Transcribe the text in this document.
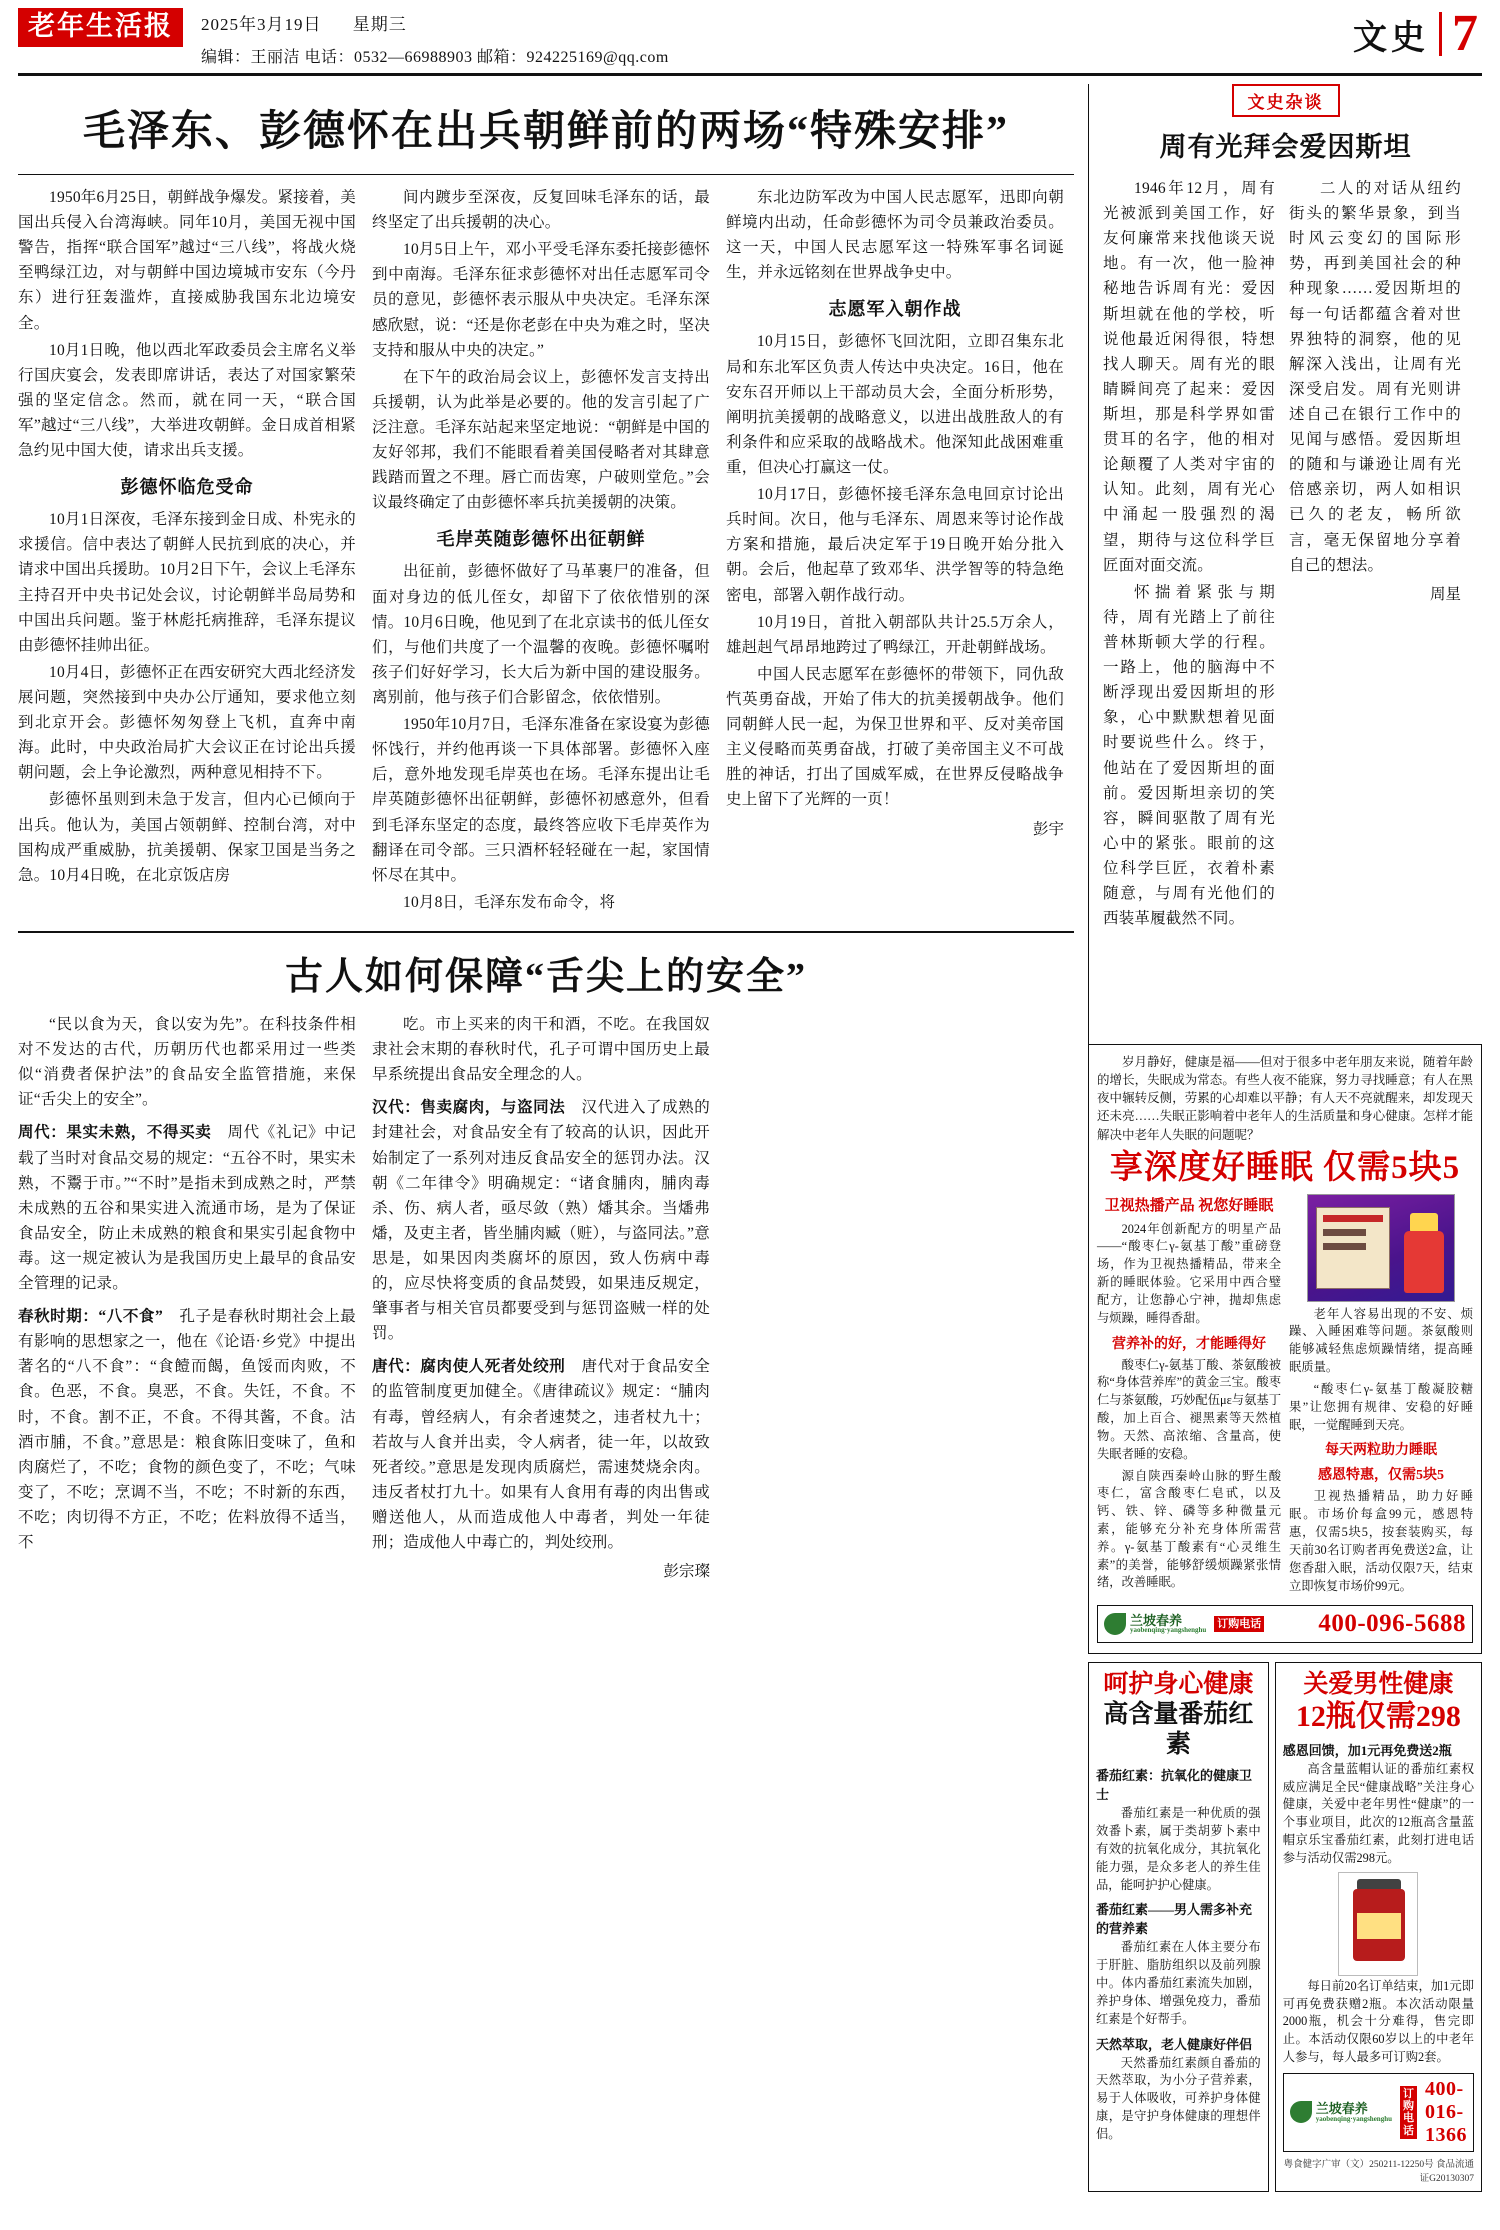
老年生活报	2025年3月19日 星期三
编辑：王丽洁 电话：0532—66988903 邮箱：924225169@qq.com
文史 7
毛泽东、彭德怀在出兵朝鲜前的两场“特殊安排”

1950年6月25日，朝鲜战争爆发。紧接着，美国出兵侵入台湾海峡。同年10月，美国无视中国警告，指挥“联合国军”越过“三八线”，将战火烧至鸭绿江边，对与朝鲜中国边境城市安东（今丹东）进行狂轰滥炸，直接威胁我国东北边境安全。

10月1日晚，他以西北军政委员会主席名义举行国庆宴会，发表即席讲话，表达了对国家繁荣强的坚定信念。然而，就在同一天，“联合国军”越过“三八线”，大举进攻朝鲜。金日成首相紧急约见中国大使，请求出兵支援。

彭德怀临危受命

10月1日深夜，毛泽东接到金日成、朴宪永的求援信。信中表达了朝鲜人民抗到底的决心，并请求中国出兵援助。10月2日下午，会议上毛泽东主持召开中央书记处会议，讨论朝鲜半岛局势和中国出兵问题。鉴于林彪托病推辞，毛泽东提议由彭德怀挂帅出征。

10月4日，彭德怀正在西安研究大西北经济发展问题，突然接到中央办公厅通知，要求他立刻到北京开会。彭德怀匆匆登上飞机，直奔中南海。此时，中央政治局扩大会议正在讨论出兵援朝问题，会上争论激烈，两种意见相持不下。

彭德怀虽则到未急于发言，但内心已倾向于出兵。他认为，美国占领朝鲜、控制台湾，对中国构成严重威胁，抗美援朝、保家卫国是当务之急。10月4日晚，在北京饭店房

间内踱步至深夜，反复回味毛泽东的话，最终坚定了出兵援朝的决心。

10月5日上午，邓小平受毛泽东委托接彭德怀到中南海。毛泽东征求彭德怀对出任志愿军司令员的意见，彭德怀表示服从中央决定。毛泽东深感欣慰，说：“还是你老彭在中央为难之时，坚决支持和服从中央的决定。”

在下午的政治局会议上，彭德怀发言支持出兵援朝，认为此举是必要的。他的发言引起了广泛注意。毛泽东站起来坚定地说：“朝鲜是中国的友好邻邦，我们不能眼看着美国侵略者对其肆意践踏而置之不理。唇亡而齿寒，户破则堂危。”会议最终确定了由彭德怀率兵抗美援朝的决策。

毛岸英随彭德怀出征朝鲜

出征前，彭德怀做好了马革裹尸的准备，但面对身边的低儿侄女，却留下了依依惜别的深情。10月6日晚，他见到了在北京读书的低儿侄女们，与他们共度了一个温馨的夜晚。彭德怀嘱咐孩子们好好学习，长大后为新中国的建设服务。离别前，他与孩子们合影留念，依依惜别。

1950年10月7日，毛泽东准备在家设宴为彭德怀饯行，并约他再谈一下具体部署。彭德怀入座后，意外地发现毛岸英也在场。毛泽东提出让毛岸英随彭德怀出征朝鲜，彭德怀初感意外，但看到毛泽东坚定的态度，最终答应收下毛岸英作为翻译在司令部。三只酒杯轻轻碰在一起，家国情怀尽在其中。

10月8日，毛泽东发布命令，将

东北边防军改为中国人民志愿军，迅即向朝鲜境内出动，任命彭德怀为司令员兼政治委员。这一天，中国人民志愿军这一特殊军事名词诞生，并永远铭刻在世界战争史中。

志愿军入朝作战

10月15日，彭德怀飞回沈阳，立即召集东北局和东北军区负责人传达中央决定。16日，他在安东召开师以上干部动员大会，全面分析形势，阐明抗美援朝的战略意义，以进出战胜敌人的有利条件和应采取的战略战术。他深知此战困难重重，但决心打赢这一仗。

10月17日，彭德怀接毛泽东急电回京讨论出兵时间。次日，他与毛泽东、周恩来等讨论作战方案和措施，最后决定军于19日晚开始分批入朝。会后，他起草了致邓华、洪学智等的特急绝密电，部署入朝作战行动。

10月19日，首批入朝部队共计25.5万余人，雄赳赳气昂昂地跨过了鸭绿江，开赴朝鲜战场。

中国人民志愿军在彭德怀的带领下，同仇敌忾英勇奋战，开始了伟大的抗美援朝战争。他们同朝鲜人民一起，为保卫世界和平、反对美帝国主义侵略而英勇奋战，打破了美帝国主义不可战胜的神话，打出了国威军威，在世界反侵略战争史上留下了光辉的一页！

彭宇
古人如何保障“舌尖上的安全”

“民以食为天，食以安为先”。在科技条件相对不发达的古代，历朝历代也都采用过一些类似“消费者保护法”的食品安全监管措施，来保证“舌尖上的安全”。

周代：果实未熟，不得买卖　 周代《礼记》中记载了当时对食品交易的规定：“五谷不时，果实未熟，不鬻于市。”“不时”是指未到成熟之时，严禁未成熟的五谷和果实进入流通市场，是为了保证食品安全，防止未成熟的粮食和果实引起食物中毒。这一规定被认为是我国历史上最早的食品安全管理的记录。

春秋时期：“八不食”　 孔子是春秋时期社会上最有影响的思想家之一，他在《论语·乡党》中提出著名的“八不食”：“食饐而餲，鱼馁而肉败，不食。色恶，不食。臭恶，不食。失饪，不食。不时，不食。割不正，不食。不得其酱，不食。沽酒市脯，不食。”意思是：粮食陈旧变味了，鱼和肉腐烂了，不吃；食物的颜色变了，不吃；气味变了，不吃；烹调不当，不吃；不时新的东西，不吃；肉切得不方正，不吃；佐料放得不适当，不

吃。市上买来的肉干和酒，不吃。在我国奴隶社会末期的春秋时代，孔子可谓中国历史上最早系统提出食品安全理念的人。

汉代：售卖腐肉，与盗同法　 汉代进入了成熟的封建社会，对食品安全有了较高的认识，因此开始制定了一系列对违反食品安全的惩罚办法。汉朝《二年律令》明确规定：“诸食脯肉，脯肉毒杀、伤、病人者，亟尽敛（熟）燔其余。当燔弗燔，及吏主者，皆坐脯肉臧（赃），与盗同法。”意思是，如果因肉类腐坏的原因，致人伤病中毒的，应尽快将变质的食品焚毁，如果违反规定，肇事者与相关官员都要受到与惩罚盗贼一样的处罚。

唐代：腐肉使人死者处绞刑　 唐代对于食品安全的监管制度更加健全。《唐律疏议》规定：“脯肉有毒，曾经病人，有余者速焚之，违者杖九十；若故与人食并出卖，令人病者，徒一年，以故致死者绞。”意思是发现肉质腐烂，需速焚烧余肉。违反者杖打九十。如果有人食用有毒的肉出售或赠送他人，从而造成他人中毒者，判处一年徒刑；造成他人中毒亡的，判处绞刑。

彭宗璨
文史杂谈
周有光拜会爱因斯坦

1946年12月，周有光被派到美国工作，好友何廉常来找他谈天说地。有一次，他一脸神秘地告诉周有光：爱因斯坦就在他的学校，听说他最近闲得很，特想找人聊天。周有光的眼睛瞬间亮了起来：爱因斯坦，那是科学界如雷贯耳的名字，他的相对论颠覆了人类对宇宙的认知。此刻，周有光心中涌起一股强烈的渴望，期待与这位科学巨匠面对面交流。

怀揣着紧张与期待，周有光踏上了前往普林斯顿大学的行程。一路上，他的脑海中不断浮现出爱因斯坦的形象，心中默默想着见面时要说些什么。终于，他站在了爱因斯坦的面前。爱因斯坦亲切的笑容，瞬间驱散了周有光心中的紧张。眼前的这位科学巨匠，衣着朴素随意，与周有光他们的西装革履截然不同。

二人的对话从纽约街头的繁华景象，到当时风云变幻的国际形势，再到美国社会的种种现象……爱因斯坦的每一句话都蕴含着对世界独特的洞察，他的见解深入浅出，让周有光深受启发。周有光则讲述自己在银行工作中的见闻与感悟。爱因斯坦的随和与谦逊让周有光倍感亲切，两人如相识已久的老友，畅所欲言，毫无保留地分享着自己的想法。

周星

岁月静好，健康是福——但对于很多中老年朋友来说，随着年龄的增长，失眠成为常态。有些人夜不能寐，努力寻找睡意；有人在黑夜中辗转反侧，劳累的心却难以平静；有人天不亮就醒来，却发现天还未亮……失眠正影响着中老年人的生活质量和身心健康。怎样才能解决中老年人失眠的问题呢？

享深度好睡眠 仅需5块5
卫视热播产品 祝您好睡眠

2024年创新配方的明星产品——“酸枣仁γ-氨基丁酸”重磅登场，作为卫视热播精品，带来全新的睡眠体验。它采用中西合璧配方，让您静心宁神，抛却焦虑与烦躁，睡得香甜。

营养补的好，才能睡得好

酸枣仁γ-氨基丁酸、茶氨酸被称“身体营养库”的黄金三宝。酸枣仁与茶氨酸，巧妙配伍με与氨基丁酸，加上百合、褪黑素等天然植物。天然、高浓缩、含量高，使失眠者睡的安稳。

源自陕西秦岭山脉的野生酸枣仁，富含酸枣仁皂甙，以及钙、铁、锌、磷等多种微量元素，能够充分补充身体所需营养。γ-氨基丁酸素有“心灵维生素”的美誉，能够舒缓烦躁紧张情绪，改善睡眠。

老年人容易出现的不安、烦躁、入睡困难等问题。茶氨酸则能够减轻焦虑烦躁情绪，提高睡眠质量。

“酸枣仁γ-氨基丁酸凝胶糖果”让您拥有规律、安稳的好睡眠，一觉醒睡到天亮。

每天两粒助力睡眠
感恩特惠，仅需5块5

卫视热播精品，助力好睡眠。市场价每盒99元，感恩特惠，仅需5块5，按套装购买，每天前30名订购者再免费送2盒，让您香甜入眠，活动仅限7天，结束立即恢复市场价99元。

兰坡春养
yaobenqing·yangshenghu
订购电话 400-096-5688
呵护身心健康
高含量番茄红素
番茄红素：抗氧化的健康卫士

番茄红素是一种优质的强效番卜素，属于类胡萝卜素中有效的抗氧化成分，其抗氧化能力强，是众多老人的养生佳品，能呵护护心健康。

番茄红素——男人需多补充的营养素

番茄红素在人体主要分布于肝脏、脂肪组织以及前列腺中。体内番茄红素流失加剧，养护身体、增强免疫力，番茄红素是个好帮手。

天然萃取，老人健康好伴侣

天然番茄红素颜自番茄的天然萃取，为小分子营养素，易于人体吸收，可养护身体健康，是守护身体健康的理想伴侣。

关爱男性健康
12瓶仅需298
感恩回馈，加1元再免费送2瓶

高含量蓝帽认证的番茄红素权威应满足全民“健康战略”关注身心健康，关爱中老年男性“健康”的一个事业项目，此次的12瓶高含量蓝帽京乐宝番茄红素，此刻打进电话参与活动仅需298元。

每日前20名订单结束，加1元即可再免费获赠2瓶。本次活动限量2000瓶，机会十分难得，售完即止。本活动仅限60岁以上的中老年人参与，每人最多可订购2套。

兰坡春养
yaobenqing·yangshenghu
订购电话
400-016-1366
粤食健字广审（文）250211-12250号 食品流通证G20130307
